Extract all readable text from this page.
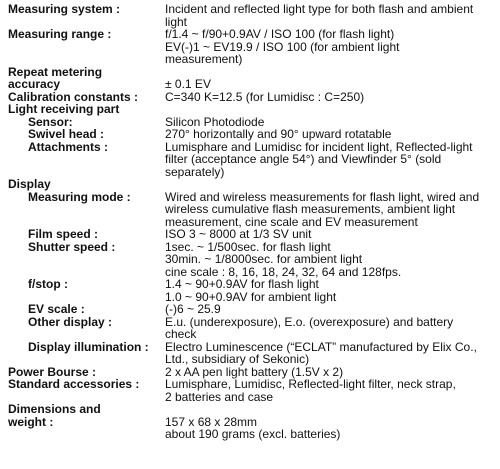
Measuring system :	Incident and reflected light type for both flash and ambient
light
Measuring range :	f/1.4 ~ f/90+0.9AV / ISO 100 (for flash light)
EV(-)1 ~ EV19.9 / ISO 100 (for ambient light
measurement)
Repeat metering
accuracy	± 0.1 EV
Calibration constants : C=340 K=12.5 (for Lumidisc : C=250)
Light receiving part
Sensor:	Silicon Photodiode
Swivel head :	270° horizontally and 90° upward rotatable
Attachments :	Lumisphare and Lumidisc for incident light, Reflected-light
filter (acceptance angle 54°) and Viewfinder 5° (sold
separately)
Display
Measuring mode :	Wired and wireless measurements for flash light, wired and
wireless cumulative flash measurements, ambient light
measurement, cine scale and EV measurement
Film speed :	ISO 3 ~ 8000 at 1/3 SV unit
Shutter speed :	1sec. ~ 1/500sec. for flash light
30min. ~ 1/8000sec. for ambient light
cine scale : 8, 16, 18, 24, 32, 64 and 128fps.
f/stop :	1.4 ~ 90+0.9AV for flash light
1.0 ~ 90+0.9AV for ambient light
EV scale :	(-)6 ~ 25.9
Other display :	E.u. (underexposure), E.o. (overexposure) and battery
check
Display illumination : Electro Luminescence (“ECLAT” manufactured by Elix Co.,
Ltd., subsidiary of Sekonic)
Power Bourse :	2 x AA pen light battery (1.5V x 2)
Standard accessories : Lumisphare, Lumidisc, Reflected-light filter, neck strap,
2 batteries and case
Dimensions and
weight :	157 x 68 x 28mm
about 190 grams (excl. batteries)
